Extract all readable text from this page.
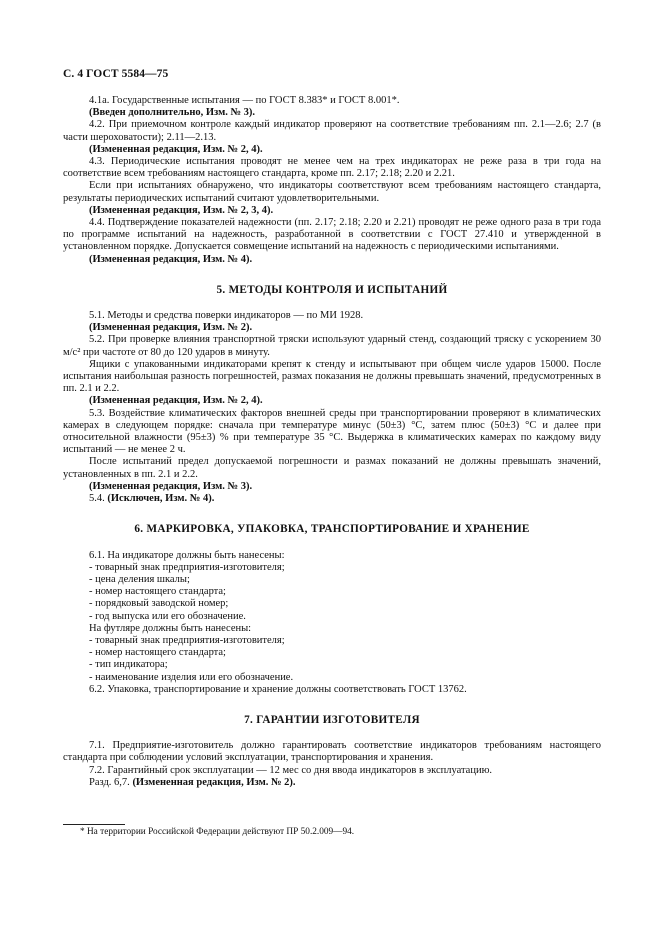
С. 4 ГОСТ 5584—75

4.1а. Государственные испытания — по ГОСТ 8.383* и ГОСТ 8.001*.

(Введен дополнительно, Изм. № 3).

4.2. При приемочном контроле каждый индикатор проверяют на соответствие требованиям пп. 2.1—2.6; 2.7 (в части шероховатости); 2.11—2.13.

(Измененная редакция, Изм. № 2, 4).

4.3. Периодические испытания проводят не менее чем на трех индикаторах не реже раза в три года на соответствие всем требованиям настоящего стандарта, кроме пп. 2.17; 2.18; 2.20 и 2.21.

Если при испытаниях обнаружено, что индикаторы соответствуют всем требованиям настоящего стандарта, результаты периодических испытаний считают удовлетворительными.

(Измененная редакция, Изм. № 2, 3, 4).

4.4. Подтверждение показателей надежности (пп. 2.17; 2.18; 2.20 и 2.21) проводят не реже одного раза в три года по программе испытаний на надежность, разработанной в соответствии с ГОСТ 27.410 и утвержденной в установленном порядке. Допускается совмещение испытаний на надежность с периодическими испытаниями.

(Измененная редакция, Изм. № 4).

5. МЕТОДЫ КОНТРОЛЯ И ИСПЫТАНИЙ

5.1. Методы и средства поверки индикаторов — по МИ 1928.

(Измененная редакция, Изм. № 2).

5.2. При проверке влияния транспортной тряски используют ударный стенд, создающий тряску с ускорением 30 м/с² при частоте от 80 до 120 ударов в минуту.

Ящики с упакованными индикаторами крепят к стенду и испытывают при общем числе ударов 15000. После испытания наибольшая разность погрешностей, размах показания не должны превышать значений, предусмотренных в пп. 2.1 и 2.2.

(Измененная редакция, Изм. № 2, 4).

5.3. Воздействие климатических факторов внешней среды при транспортировании проверяют в климатических камерах в следующем порядке: сначала при температуре минус (50±3) °С, затем плюс (50±3) °С и далее при относительной влажности (95±3) % при температуре 35 °С. Выдержка в климатических камерах по каждому виду испытаний — не менее 2 ч.

После испытаний предел допускаемой погрешности и размах показаний не должны превышать значений, установленных в пп. 2.1 и 2.2.

(Измененная редакция, Изм. № 3).

5.4. (Исключен, Изм. № 4).

6. МАРКИРОВКА, УПАКОВКА, ТРАНСПОРТИРОВАНИЕ И ХРАНЕНИЕ

6.1. На индикаторе должны быть нанесены:

- товарный знак предприятия-изготовителя;

- цена деления шкалы;

- номер настоящего стандарта;

- порядковый заводской номер;

- год выпуска или его обозначение.

На футляре должны быть нанесены:

- товарный знак предприятия-изготовителя;

- номер настоящего стандарта;

- тип индикатора;

- наименование изделия или его обозначение.

6.2. Упаковка, транспортирование и хранение должны соответствовать ГОСТ 13762.

7. ГАРАНТИИ ИЗГОТОВИТЕЛЯ

7.1. Предприятие-изготовитель должно гарантировать соответствие индикаторов требованиям настоящего стандарта при соблюдении условий эксплуатации, транспортирования и хранения.

7.2. Гарантийный срок эксплуатации — 12 мес со дня ввода индикаторов в эксплуатацию.

Разд. 6,7. (Измененная редакция, Изм. № 2).

* На территории Российской Федерации действуют ПР 50.2.009—94.
